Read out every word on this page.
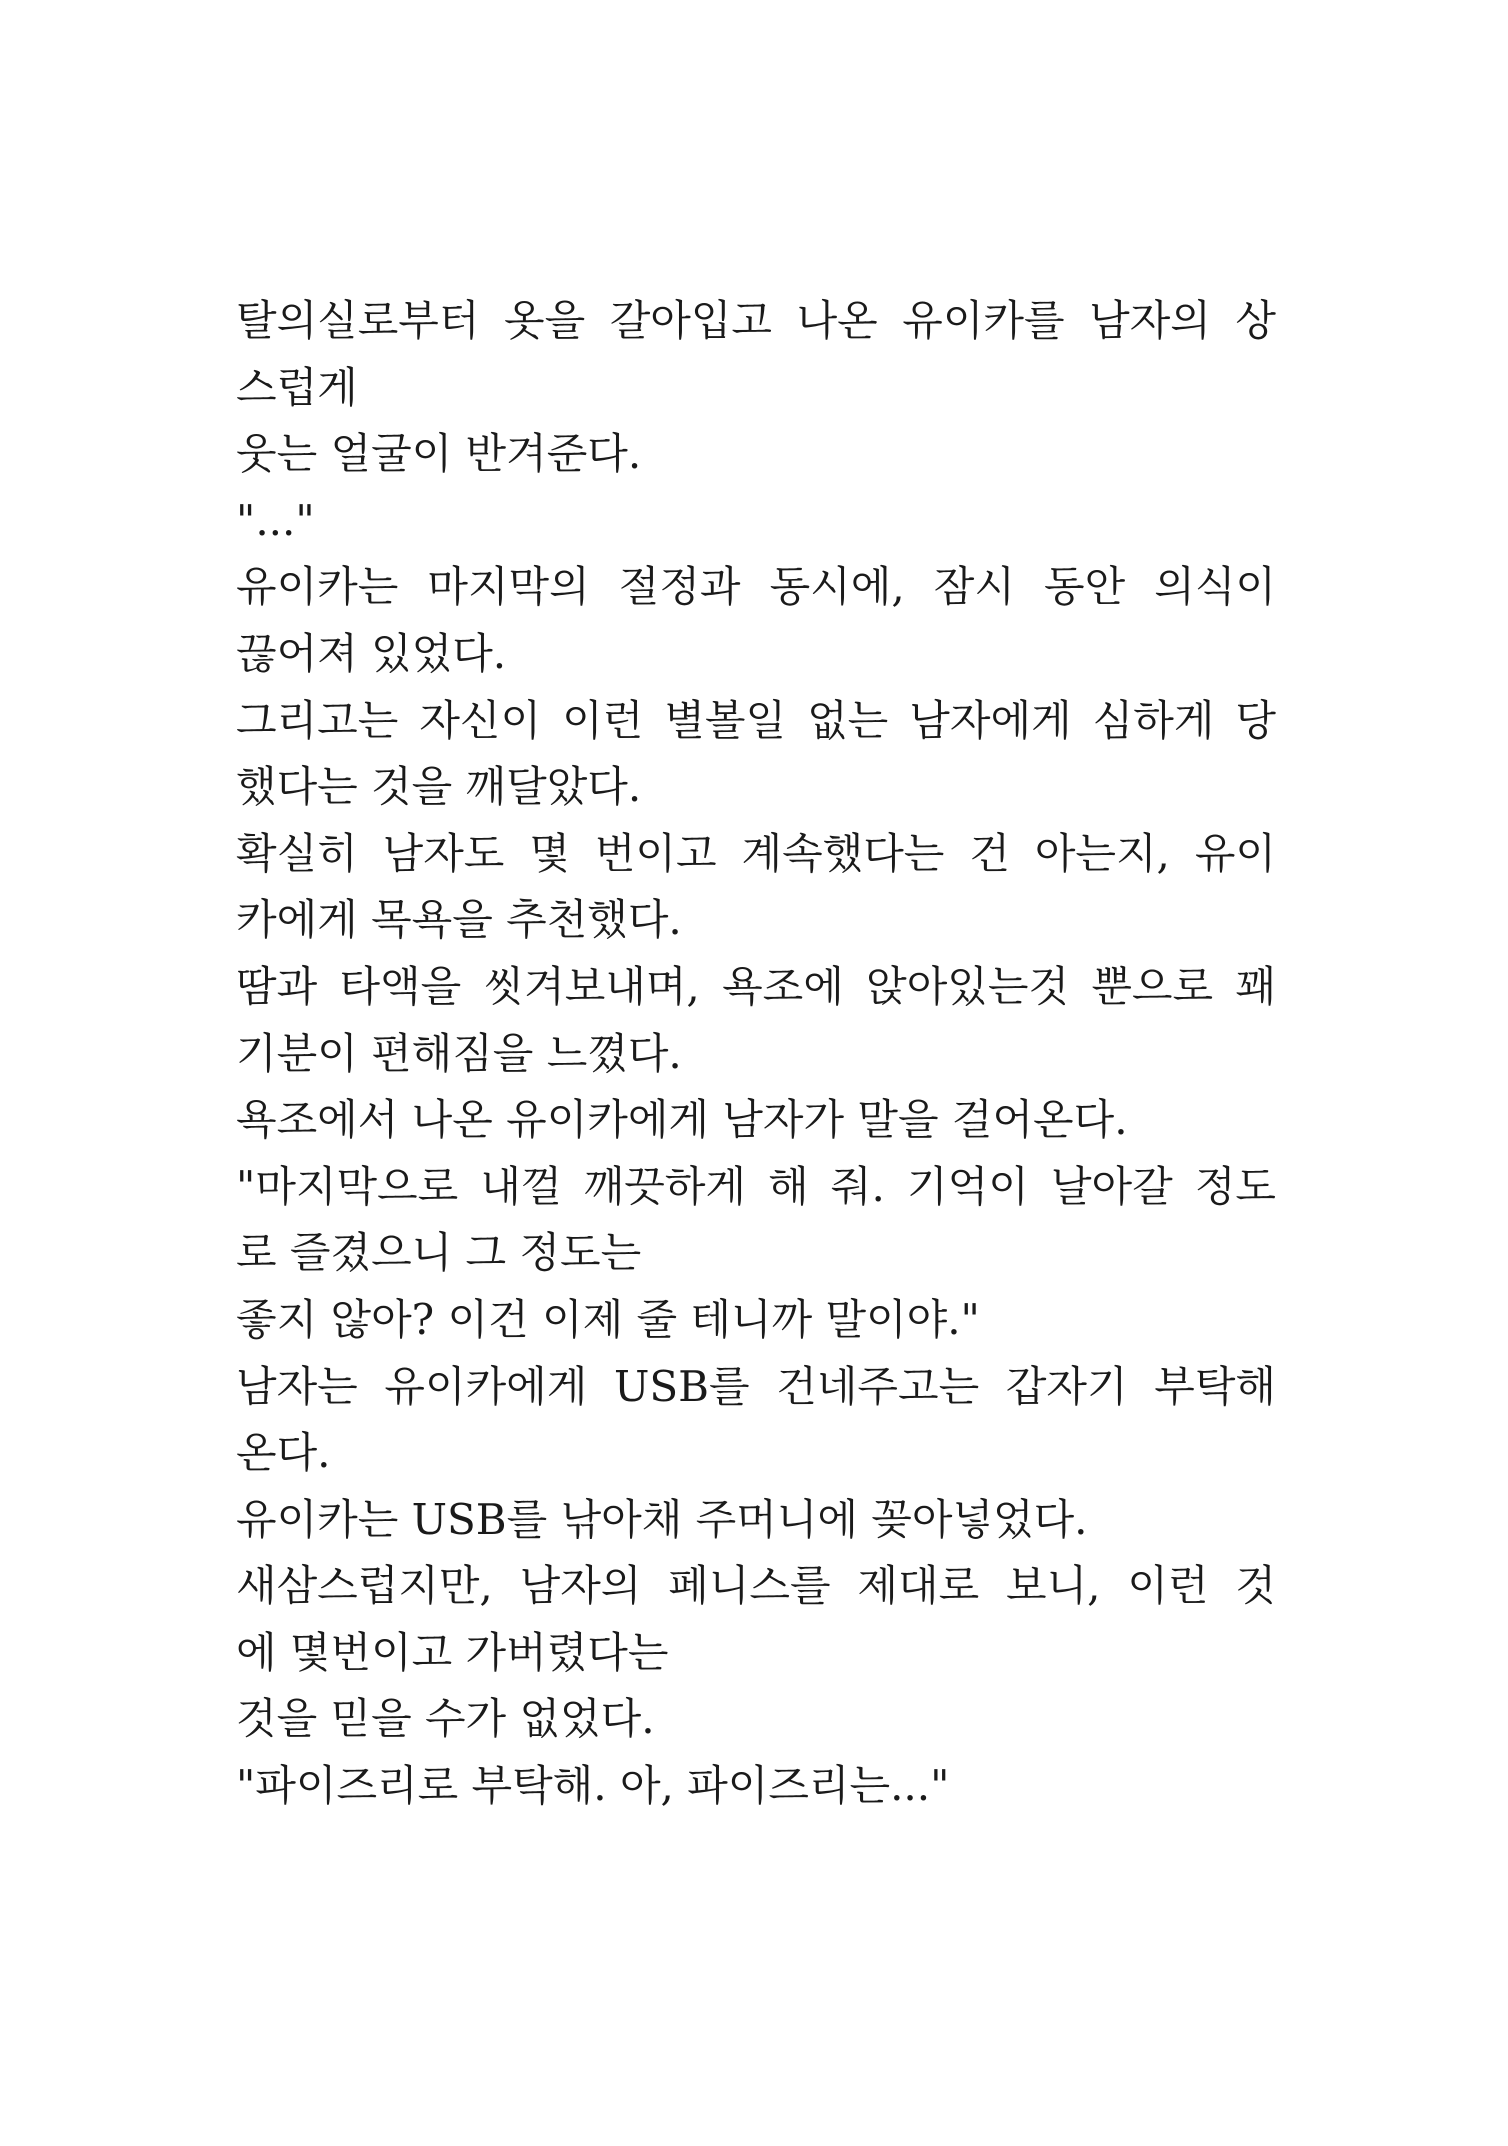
탈의실로부터 옷을 갈아입고 나온 유이카를 남자의 상
스럽게
웃는 얼굴이 반겨준다.
"..."
유이카는 마지막의 절정과 동시에, 잠시 동안 의식이
끊어져 있었다.
그리고는 자신이 이런 별볼일 없는 남자에게 심하게 당
했다는 것을 깨달았다.
확실히 남자도 몇 번이고 계속했다는 건 아는지, 유이
카에게 목욕을 추천했다.
땀과 타액을 씻겨보내며, 욕조에 앉아있는것 뿐으로 꽤
기분이 편해짐을 느꼈다.
욕조에서 나온 유이카에게 남자가 말을 걸어온다.
"마지막으로 내껄 깨끗하게 해 줘. 기억이 날아갈 정도
로 즐겼으니 그 정도는
좋지 않아? 이건 이제 줄 테니까 말이야."
남자는 유이카에게 USB를 건네주고는 갑자기 부탁해
온다.
유이카는 USB를 낚아채 주머니에 꽂아넣었다.
새삼스럽지만, 남자의 페니스를 제대로 보니, 이런 것
에 몇번이고 가버렸다는
것을 믿을 수가 없었다.
"파이즈리로 부탁해. 아, 파이즈리는..."
